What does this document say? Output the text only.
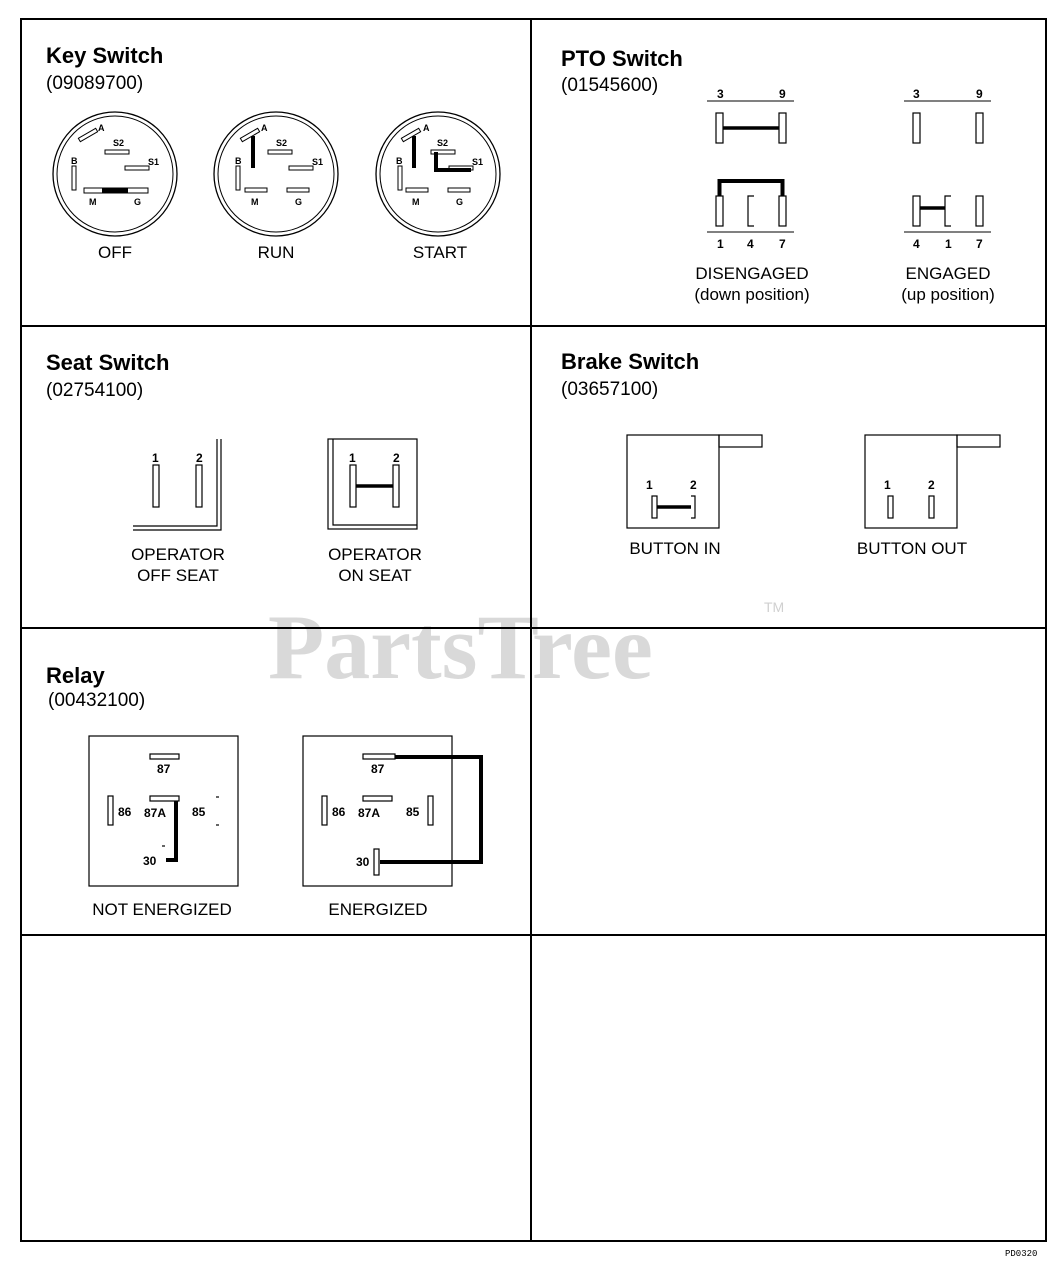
PartsTree	TM
PD0320
Key Switch
(09089700)
A
S2
B	S1
M	G
OFF
A
S2
B	S1
M	G
RUN
A
S2
B	S1
M	G
START
PTO Switch
(01545600)	3	9
1 4 7
DISENGAGED
(down position)
3	9
4 1 7
ENGAGED
(up position)
Seat Switch
(02754100)
1	2
OPERATOR
OFF SEAT
1	2
OPERATOR
ON SEAT
Brake Switch
(03657100)
1	2
BUTTON IN
1	2
BUTTON OUT
Relay
(00432100)
87
86 87A 85
30
NOT ENERGIZED
87
86 87A 85
30
ENERGIZED
